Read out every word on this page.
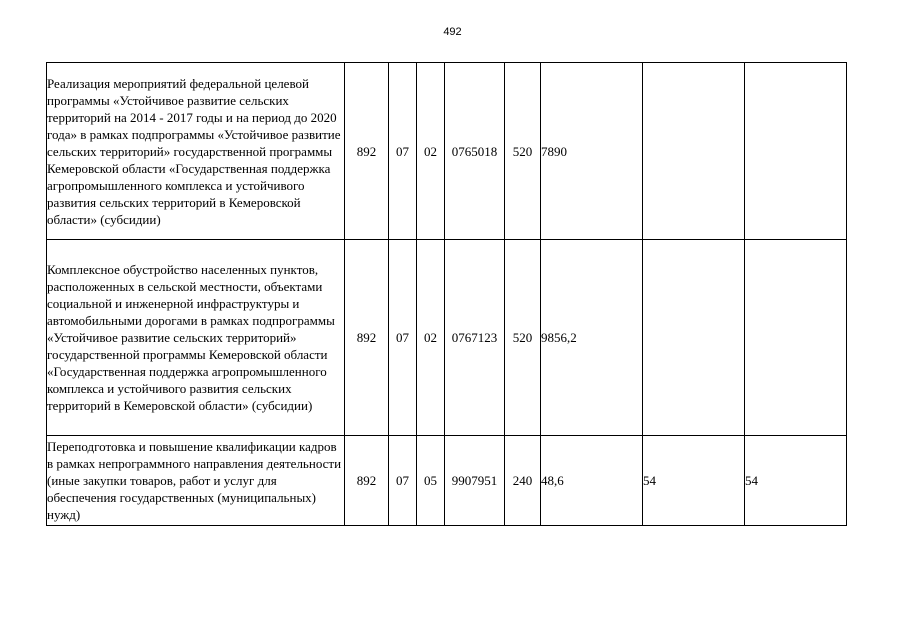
492
Реализация мероприятий федеральной целевой программы «Устойчивое развитие сельских территорий на 2014 - 2017 годы и на период до 2020 года» в рамках подпрограммы «Устойчивое развитие сельских территорий» государственной программы Кемеровской области «Государственная поддержка агропромышленного комплекса и устойчивого развития сельских территорий в Кемеровской области» (субсидии)	892	07	02	0765018	520	7890		
Комплексное обустройство населенных пунктов, расположенных в сельской местности, объектами социальной и инженерной инфраструктуры и автомобильными дорогами в рамках подпрограммы «Устойчивое развитие сельских территорий» государственной программы Кемеровской области «Государственная поддержка агропромышленного комплекса и устойчивого развития сельских территорий в Кемеровской области» (субсидии)	892	07	02	0767123	520	9856,2		
Переподготовка и повышение квалификации кадров в рамках непрограммного направления деятельности (иные закупки товаров, работ и услуг для обеспечения государственных (муниципальных) нужд)	892	07	05	9907951	240	48,6	54	54
